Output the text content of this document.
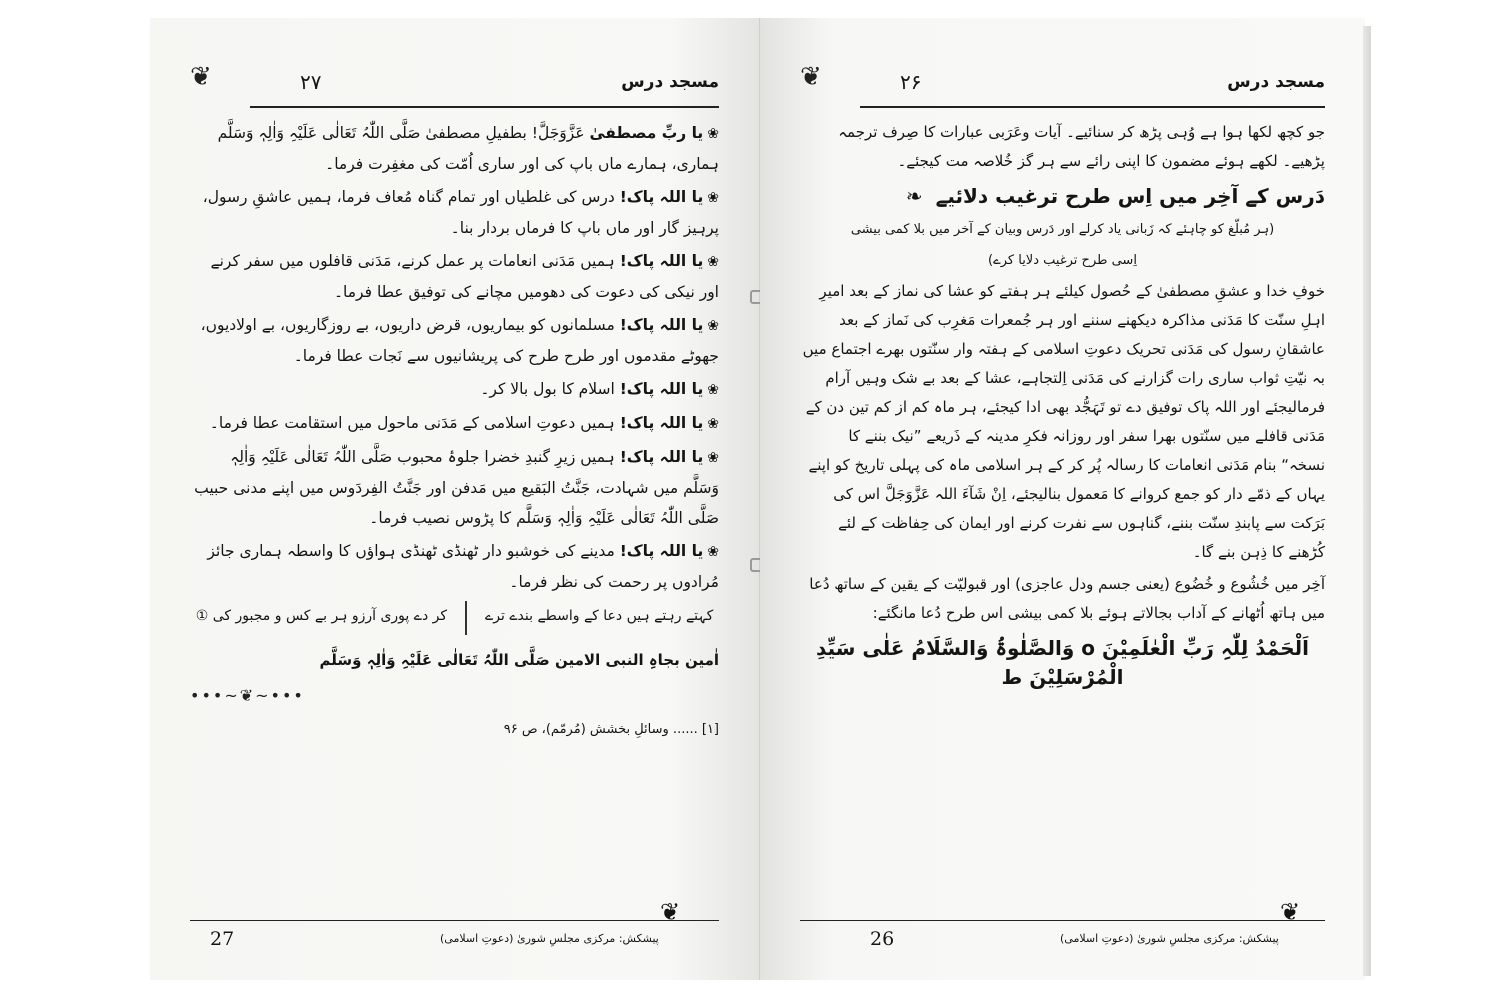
❦	۲۷	مسجد درس

❀یا ربِّ مصطفیٰ عَزَّوَجَلَّ! بطفیلِ مصطفیٰ صَلَّی اللّٰہُ تَعَالٰی عَلَیْہِ وَاٰلِہٖ وَسَلَّم ہماری، ہمارے ماں باپ کی اور ساری اُمّت کی مغفِرت فرما۔

❀یا اللہ پاک! درس کی غلطیاں اور تمام گناہ مُعاف فرما، ہمیں عاشقِ رسول، پرہیز گار اور ماں باپ کا فرماں بردار بنا۔

❀یا اللہ پاک! ہمیں مَدَنی انعامات پر عمل کرنے، مَدَنی قافلوں میں سفر کرنے اور نیکی کی دعوت کی دھومیں مچانے کی توفیق عطا فرما۔

❀یا اللہ پاک! مسلمانوں کو بیماریوں، قرض داریوں، بے روزگاریوں، بے اولادیوں، جھوٹے مقدموں اور طرح طرح کی پریشانیوں سے نَجات عطا فرما۔

❀یا اللہ پاک! اسلام کا بول بالا کر۔

❀یا اللہ پاک! ہمیں دعوتِ اسلامی کے مَدَنی ماحول میں استقامت عطا فرما۔

❀یا اللہ پاک! ہمیں زیرِ گنبدِ خضرا جلوۂ محبوب صَلَّی اللّٰہُ تَعَالٰی عَلَیْہِ وَاٰلِہٖ وَسَلَّم میں شہادت، جَنَّتُ البَقیع میں مَدفن اور جَنَّتُ الفِردَوس میں اپنے مدنی حبیب صَلَّی اللّٰہُ تَعَالٰی عَلَیْہِ وَاٰلِہٖ وَسَلَّم کا پڑوس نصیب فرما۔

❀یا اللہ پاک! مدینے کی خوشبو دار ٹھنڈی ٹھنڈی ہواؤں کا واسطہ ہماری جائز مُرادوں پر رحمت کی نظر فرما۔

کہتے رہتے ہیں دعا کے واسطے بندے ترے
کر دے پوری آرزو ہر بے کس و مجبور کی ①
اٰمین بجاہِ النبی الامین صَلَّی اللّٰہُ تَعَالٰی عَلَیْہِ وَاٰلِہٖ وَسَلَّم
•••~❦~•••
[۱] ...... وسائلِ بخشش (مُرمّم)، ص ۹۶
27	پیشکش: مرکزی مجلسِ شوریٰ (دعوتِ اسلامی)
❦
❦	۲۶	مسجد درس

جو کچھ لکھا ہوا ہے وُہی پڑھ کر سنائیے۔ آیات وعَرَبی عبارات کا صِرف ترجمہ پڑھیے۔ لکھے ہوئے مضمون کا اپنی رائے سے ہر گز خُلاصہ مت کیجئے۔

دَرس کے آخِر میں اِس طرح ترغیب دلائیے ❧
(ہر مُبلّغ کو چاہئے کہ زَبانی یاد کرلے اور دَرس وبیان کے آخر میں بلا کمی بیشی
اِسی طرح ترغیب دلایا کرے)

خوفِ خدا و عشقِ مصطفیٰ کے حُصول کیلئے ہر ہفتے کو عشا کی نماز کے بعد امیرِ اہلِ سنّت کا مَدَنی مذاکرہ دیکھنے سننے اور ہر جُمعرات مَغرِب کی نَماز کے بعد عاشقانِ رسول کی مَدَنی تحریک دعوتِ اسلامی کے ہفتہ وار سنّتوں بھرے اجتماع میں بہ نیّتِ ثواب ساری رات گزارنے کی مَدَنی اِلتجاہے، عشا کے بعد بے شک وہیں آرام فرمالیجئے اور اللہ پاک توفیق دے تو تَہَجُّد بھی ادا کیجئے، ہر ماہ کم از کم تین دن کے مَدَنی قافلے میں سنّتوں بھرا سفر اور روزانہ فکرِ مدینہ کے ذَریعے ”نیک بننے کا نسخہ“ بنام مَدَنی انعامات کا رسالہ پُر کر کے ہر اسلامی ماہ کی پہلی تاریخ کو اپنے یہاں کے ذمّے دار کو جمع کروانے کا مَعمول بنالیجئے، اِنْ شَآءَ اللہ عَزَّوَجَلَّ اس کی بَرَکت سے پابندِ سنّت بننے، گناہوں سے نفرت کرنے اور ایمان کی حِفاظت کے لئے کُڑھنے کا ذِہن بنے گا۔

آخِر میں خُشُوع و خُضُوع (یعنی جسم ودل عاجزی) اور قبولیّت کے یقین کے ساتھ دُعا میں ہاتھ اُٹھانے کے آداب بجالاتے ہوئے بلا کمی بیشی اس طرح دُعا مانگئے:

اَلْحَمْدُ لِلّٰہِ رَبِّ الْعٰلَمِیْنَ o وَالصَّلٰوۃُ وَالسَّلَامُ عَلٰی سَیِّدِ الْمُرْسَلِیْنَ ط
26	پیشکش: مرکزی مجلسِ شوریٰ (دعوتِ اسلامی)
❦
